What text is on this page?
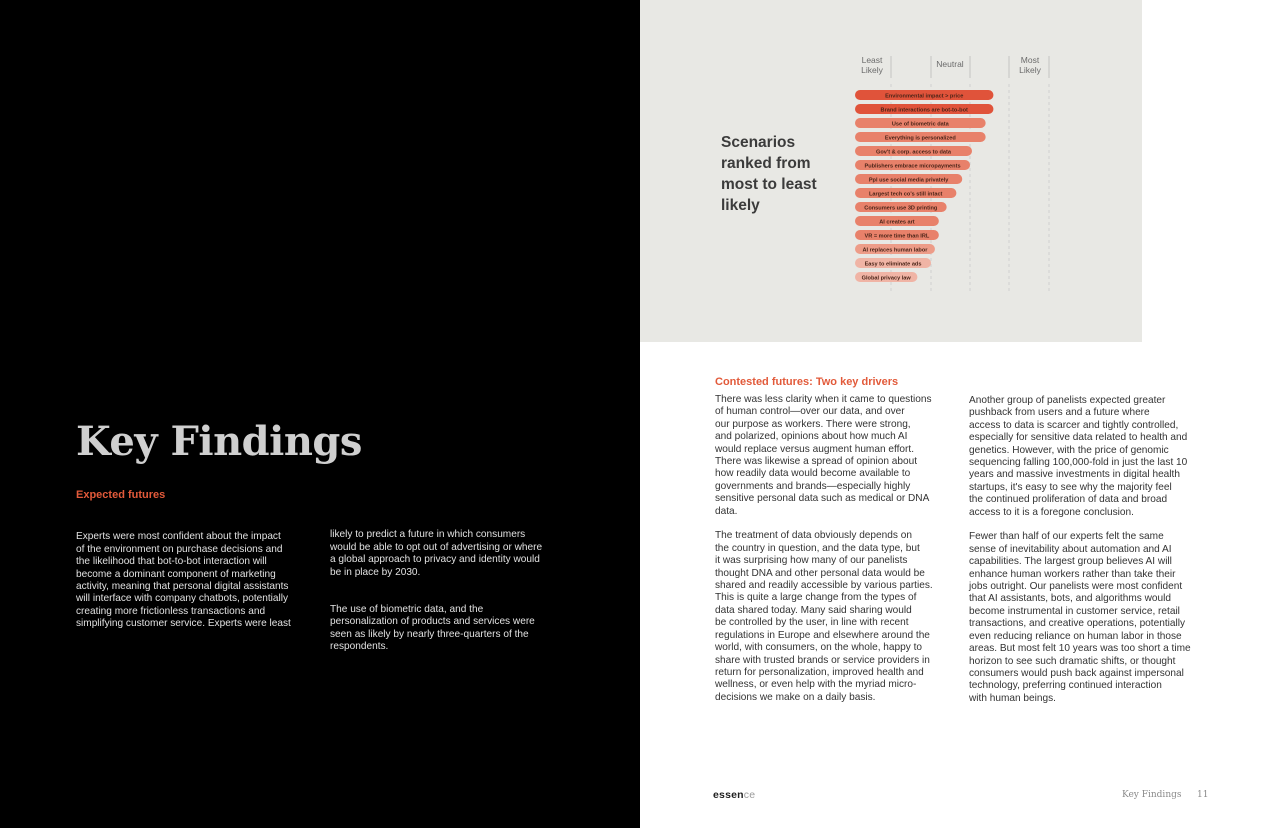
Key Findings
Expected futures

Experts were most confident about the impact
of the environment on purchase decisions and
the likelihood that bot-to-bot interaction will
become a dominant component of marketing
activity, meaning that personal digital assistants
will interface with company chatbots, potentially
creating more frictionless transactions and
simplifying customer service. Experts were least

likely to predict a future in which consumers
would be able to opt out of advertising or where
a global approach to privacy and identity would
be in place by 2030.

The use of biometric data, and the
personalization of products and services were
seen as likely by nearly three-quarters of the
respondents.

Scenarios
ranked from
most to least
likely
Least Likely
Neutral	Most Likely
Environmental impact > price
Brand interactions are bot-to-bot
Use of biometric data
Everything is personalized
Gov't & corp. access to data
Publishers embrace micropayments
Ppl use social media privately
Largest tech co's still intact
Consumers use 3D printing
AI creates art
VR = more time than IRL
AI replaces human labor
Easy to eliminate ads
Global privacy law
Contested futures: Two key drivers

There was less clarity when it came to questions
of human control—over our data, and over
our purpose as workers. There were strong,
and polarized, opinions about how much AI
would replace versus augment human effort.
There was likewise a spread of opinion about
how readily data would become available to
governments and brands—especially highly
sensitive personal data such as medical or DNA
data.

The treatment of data obviously depends on
the country in question, and the data type, but
it was surprising how many of our panelists
thought DNA and other personal data would be
shared and readily accessible by various parties.
This is quite a large change from the types of
data shared today. Many said sharing would
be controlled by the user, in line with recent
regulations in Europe and elsewhere around the
world, with consumers, on the whole, happy to
share with trusted brands or service providers in
return for personalization, improved health and
wellness, or even help with the myriad micro-
decisions we make on a daily basis.

Another group of panelists expected greater
pushback from users and a future where
access to data is scarcer and tightly controlled,
especially for sensitive data related to health and
genetics. However, with the price of genomic
sequencing falling 100,000-fold in just the last 10
years and massive investments in digital health
startups, it's easy to see why the majority feel
the continued proliferation of data and broad
access to it is a foregone conclusion.

Fewer than half of our experts felt the same
sense of inevitability about automation and AI
capabilities. The largest group believes AI will
enhance human workers rather than take their
jobs outright. Our panelists were most confident
that AI assistants, bots, and algorithms would
become instrumental in customer service, retail
transactions, and creative operations, potentially
even reducing reliance on human labor in those
areas. But most felt 10 years was too short a time
horizon to see such dramatic shifts, or thought
consumers would push back against impersonal
technology, preferring continued interaction
with human beings.

essence	Key Findings 11
